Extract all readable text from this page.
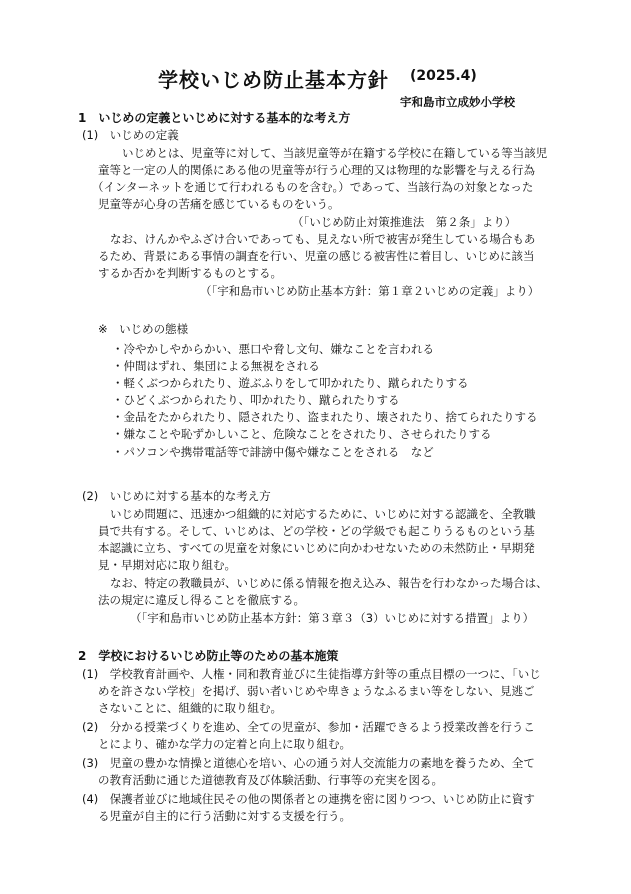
学校いじめ防止基本方針 (2025.4)
宇和島市立成妙小学校
1　いじめの定義といじめに対する基本的な考え方
(1)　いじめの定義
いじめとは、児童等に対して、当該児童等が在籍する学校に在籍している等当該児
童等と一定の人的関係にある他の児童等が行う心理的又は物理的な影響を与える行為
（インターネットを通じて行われるものを含む。）であって、当該行為の対象となった
児童等が心身の苦痛を感じているものをいう。
（「いじめ防止対策推進法　第２条」より）
なお、けんかやふざけ合いであっても、見えない所で被害が発生している場合もあ
るため、背景にある事情の調査を行い、児童の感じる被害性に着目し、いじめに該当
するか否かを判断するものとする。
（「宇和島市いじめ防止基本方針：第１章２いじめの定義」より）
※　いじめの態様
・冷やかしやからかい、悪口や脅し文句、嫌なことを言われる
・仲間はずれ、集団による無視をされる
・軽くぶつかられたり、遊ぶふりをして叩かれたり、蹴られたりする
・ひどくぶつかられたり、叩かれたり、蹴られたりする
・金品をたかられたり、隠されたり、盗まれたり、壊されたり、捨てられたりする
・嫌なことや恥ずかしいこと、危険なことをされたり、させられたりする
・パソコンや携帯電話等で誹謗中傷や嫌なことをされる　など
(2)　いじめに対する基本的な考え方
いじめ問題に、迅速かつ組織的に対応するために、いじめに対する認識を、全教職
員で共有する。そして、いじめは、どの学校・どの学級でも起こりうるものという基
本認識に立ち、すべての児童を対象にいじめに向かわせないための未然防止・早期発
見・早期対応に取り組む。
なお、特定の教職員が、いじめに係る情報を抱え込み、報告を行わなかった場合は、
法の規定に違反し得ることを徹底する。
（「宇和島市いじめ防止基本方針：第３章３（3）いじめに対する措置」より）
2　学校におけるいじめ防止等のための基本施策
(1)　学校教育計画や、人権・同和教育並びに生徒指導方針等の重点目標の一つに、「いじ
めを許さない学校」を掲げ、弱い者いじめや卑きょうなふるまい等をしない、見逃ご
さないことに、組織的に取り組む。
(2)　分かる授業づくりを進め、全ての児童が、参加・活躍できるよう授業改善を行うこ
とにより、確かな学力の定着と向上に取り組む。
(3)　児童の豊かな情操と道徳心を培い、心の通う対人交流能力の素地を養うため、全て
の教育活動に通じた道徳教育及び体験活動、行事等の充実を図る。
(4)　保護者並びに地域住民その他の関係者との連携を密に図りつつ、いじめ防止に資す
る児童が自主的に行う活動に対する支援を行う。
